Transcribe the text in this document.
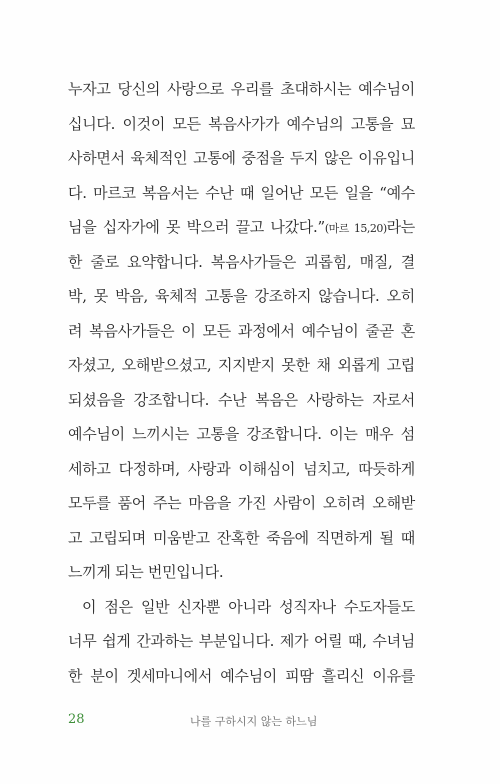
누자고 당신의 사랑으로 우리를 초대하시는 예수님이
십니다. 이것이 모든 복음사가가 예수님의 고통을 묘
사하면서 육체적인 고통에 중점을 두지 않은 이유입니
다. 마르코 복음서는 수난 때 일어난 모든 일을 “예수
님을 십자가에 못 박으러 끌고 나갔다.”(마르 15,20)라는
한 줄로 요약합니다. 복음사가들은 괴롭힘, 매질, 결
박, 못 박음, 육체적 고통을 강조하지 않습니다. 오히
려 복음사가들은 이 모든 과정에서 예수님이 줄곧 혼
자셨고, 오해받으셨고, 지지받지 못한 채 외롭게 고립
되셨음을 강조합니다. 수난 복음은 사랑하는 자로서
예수님이 느끼시는 고통을 강조합니다. 이는 매우 섬
세하고 다정하며, 사랑과 이해심이 넘치고, 따듯하게
모두를 품어 주는 마음을 가진 사람이 오히려 오해받
고 고립되며 미움받고 잔혹한 죽음에 직면하게 될 때
느끼게 되는 번민입니다.
이 점은 일반 신자뿐 아니라 성직자나 수도자들도
너무 쉽게 간과하는 부분입니다. 제가 어릴 때, 수녀님
한 분이 겟세마니에서 예수님이 피땀 흘리신 이유를
28	나를 구하시지 않는 하느님
